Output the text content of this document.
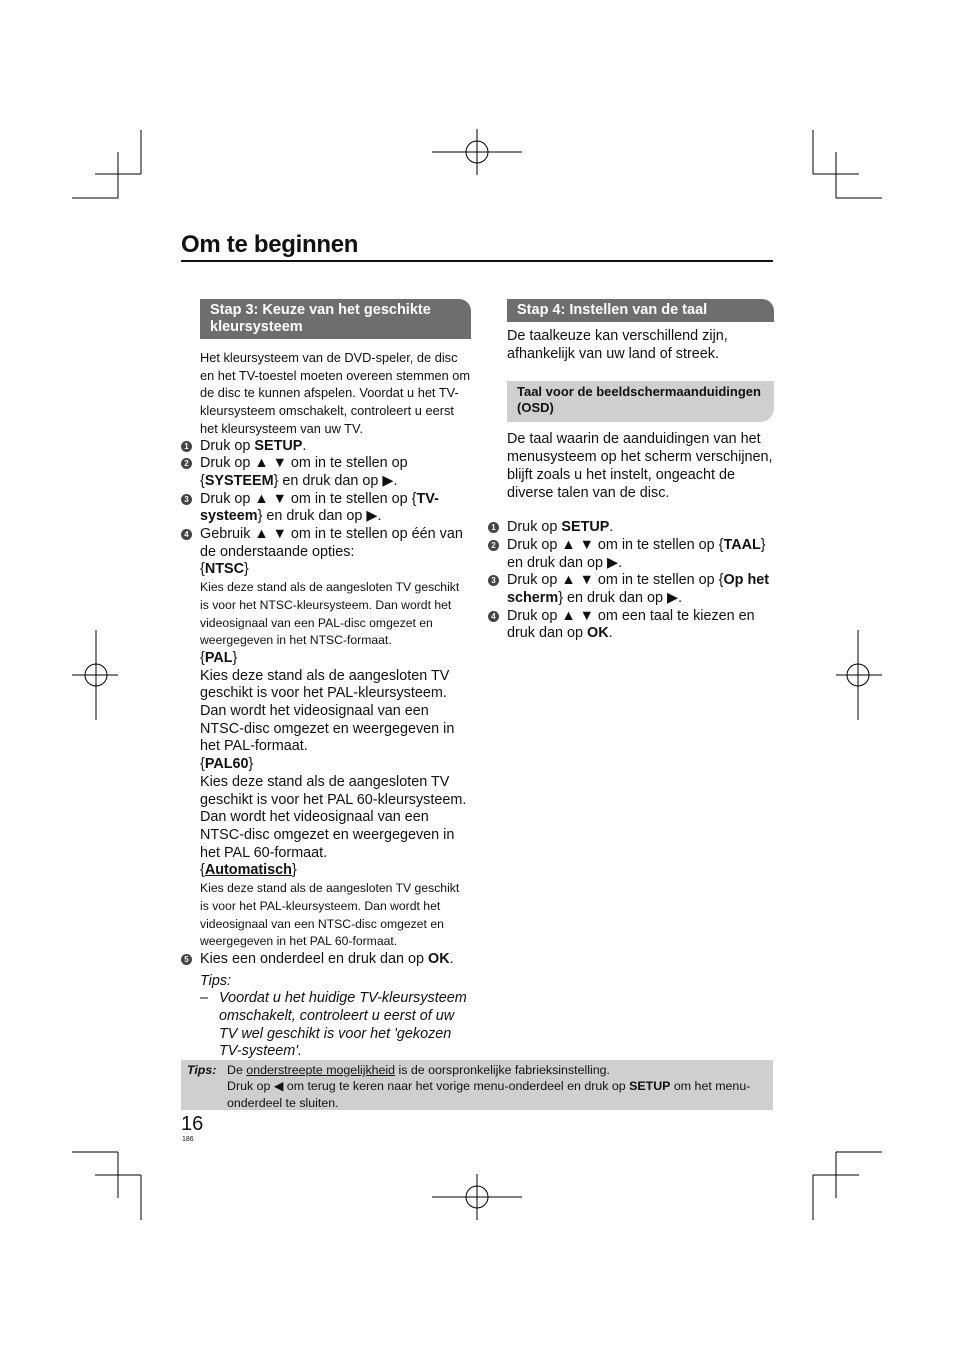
Om te beginnen
Stap 3: Keuze van het geschikte kleursysteem

Het kleursysteem van de DVD-speler, de disc en het TV-toestel moeten overeen stemmen om de disc te kunnen afspelen. Voordat u het TV-kleursysteem omschakelt, controleert u eerst het kleursysteem van uw TV.

1 Druk op SETUP.
2 Druk op ▲ ▼ om in te stellen op {SYSTEEM} en druk dan op ▶.
3 Druk op ▲ ▼ om in te stellen op {TV-systeem} en druk dan op ▶.
4 Gebruik ▲ ▼ om in te stellen op één van de onderstaande opties:
{NTSC}
Kies deze stand als de aangesloten TV geschikt is voor het NTSC-kleursysteem. Dan wordt het videosignaal van een PAL-disc omgezet en weergegeven in het NTSC-formaat.
{PAL}
Kies deze stand als de aangesloten TV geschikt is voor het PAL-kleursysteem. Dan wordt het videosignaal van een NTSC-disc omgezet en weergegeven in het PAL-formaat.
{PAL60}
Kies deze stand als de aangesloten TV geschikt is voor het PAL 60-kleursysteem. Dan wordt het videosignaal van een NTSC-disc omgezet en weergegeven in het PAL 60-formaat.
{Automatisch}
Kies deze stand als de aangesloten TV geschikt is voor het PAL-kleursysteem. Dan wordt het videosignaal van een NTSC-disc omgezet en weergegeven in het PAL 60-formaat.
5 Kies een onderdeel en druk dan op OK.
Tips:
– Voordat u het huidige TV-kleursysteem omschakelt, controleert u eerst of uw TV wel geschikt is voor het 'gekozen TV-systeem'.
Stap 4: Instellen van de taal

De taalkeuze kan verschillend zijn, afhankelijk van uw land of streek.

Taal voor de beeldschermaanduidingen (OSD)

De taal waarin de aanduidingen van het menusysteem op het scherm verschijnen, blijft zoals u het instelt, ongeacht de diverse talen van de disc.

1 Druk op SETUP.
2 Druk op ▲ ▼ om in te stellen op {TAAL} en druk dan op ▶.
3 Druk op ▲ ▼ om in te stellen op {Op het scherm} en druk dan op ▶.
4 Druk op ▲ ▼ om een taal te kiezen en druk dan op OK.
Tips: De onderstreepte mogelijkheid is de oorspronkelijke fabrieksinstelling.
Druk op ◀ om terug te keren naar het vorige menu-onderdeel en druk op SETUP om het menu-onderdeel te sluiten.
16
186
